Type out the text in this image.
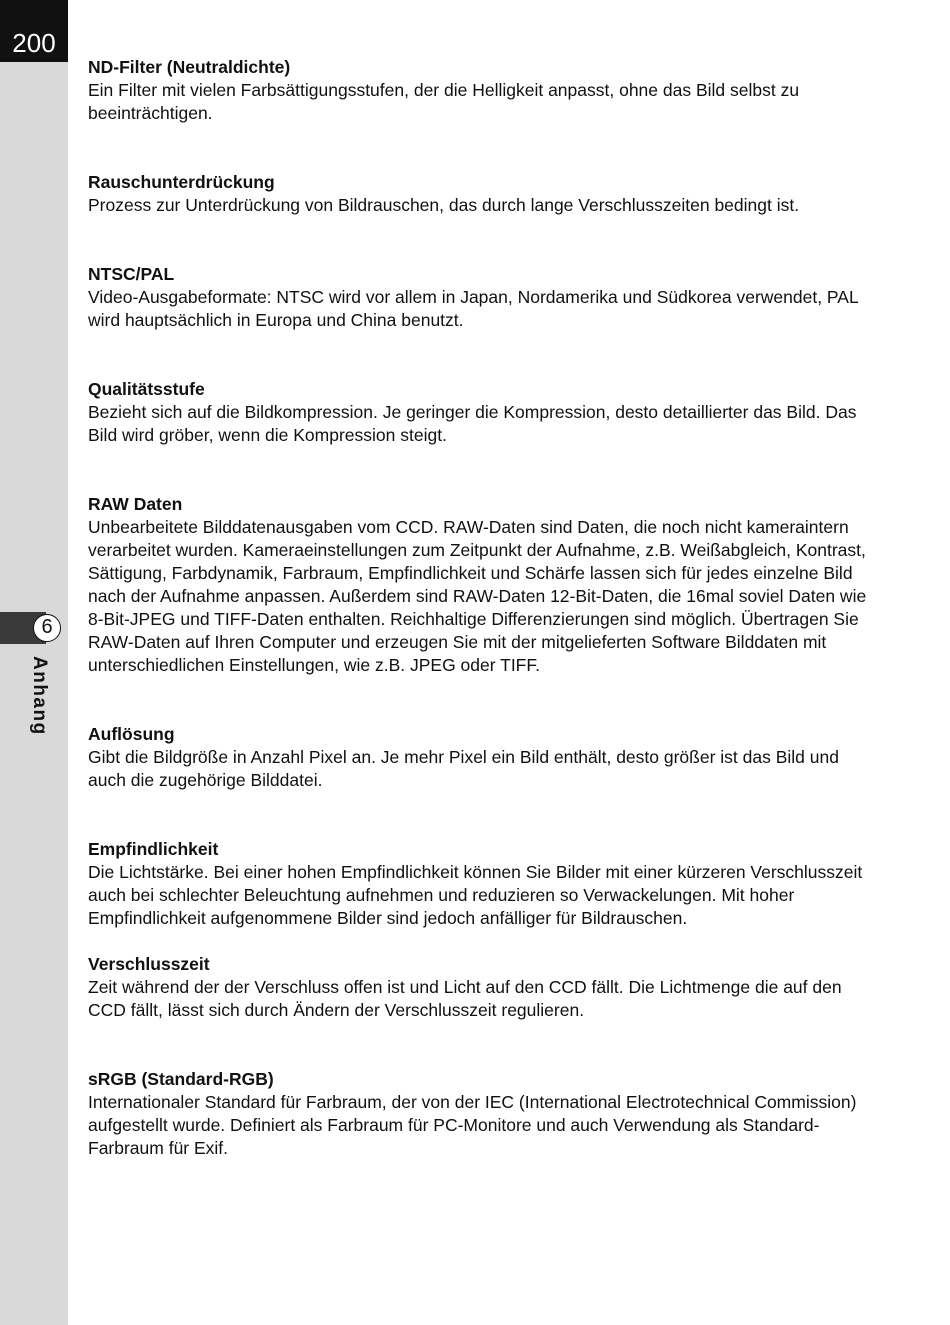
200
6
Anhang
ND-Filter (Neutraldichte)

Ein Filter mit vielen Farbsättigungsstufen, der die Helligkeit anpasst, ohne das Bild selbst zu beeinträchtigen.

Rauschunterdrückung

Prozess zur Unterdrückung von Bildrauschen, das durch lange Verschlusszeiten bedingt ist.

NTSC/PAL

Video-Ausgabeformate: NTSC wird vor allem in Japan, Nordamerika und Südkorea verwendet, PAL wird hauptsächlich in Europa und China benutzt.

Qualitätsstufe

Bezieht sich auf die Bildkompression. Je geringer die Kompression, desto detaillierter das Bild. Das Bild wird gröber, wenn die Kompression steigt.

RAW Daten

Unbearbeitete Bilddatenausgaben vom CCD. RAW-Daten sind Daten, die noch nicht kameraintern verarbeitet wurden. Kameraeinstellungen zum Zeitpunkt der Aufnahme, z.B. Weißabgleich, Kontrast, Sättigung, Farbdynamik, Farbraum, Empfindlichkeit und Schärfe lassen sich für jedes einzelne Bild nach der Aufnahme anpassen. Außerdem sind RAW-Daten 12-Bit-Daten, die 16mal soviel Daten wie 8-Bit-JPEG und TIFF-Daten enthalten. Reichhaltige Differenzierungen sind möglich. Übertragen Sie RAW-Daten auf Ihren Computer und erzeugen Sie mit der mitgelieferten Software Bilddaten mit unterschiedlichen Einstellungen, wie z.B. JPEG oder TIFF.

Auflösung

Gibt die Bildgröße in Anzahl Pixel an. Je mehr Pixel ein Bild enthält, desto größer ist das Bild und auch die zugehörige Bilddatei.

Empfindlichkeit

Die Lichtstärke. Bei einer hohen Empfindlichkeit können Sie Bilder mit einer kürzeren Verschlusszeit auch bei schlechter Beleuchtung aufnehmen und reduzieren so Verwackelungen. Mit hoher Empfindlichkeit aufgenommene Bilder sind jedoch anfälliger für Bildrauschen.

Verschlusszeit

Zeit während der der Verschluss offen ist und Licht auf den CCD fällt. Die Lichtmenge die auf den CCD fällt, lässt sich durch Ändern der Verschlusszeit regulieren.

sRGB (Standard-RGB)

Internationaler Standard für Farbraum, der von der IEC (International Electrotechnical Commission) aufgestellt wurde. Definiert als Farbraum für PC-Monitore und auch Verwendung als Standard-Farbraum für Exif.
